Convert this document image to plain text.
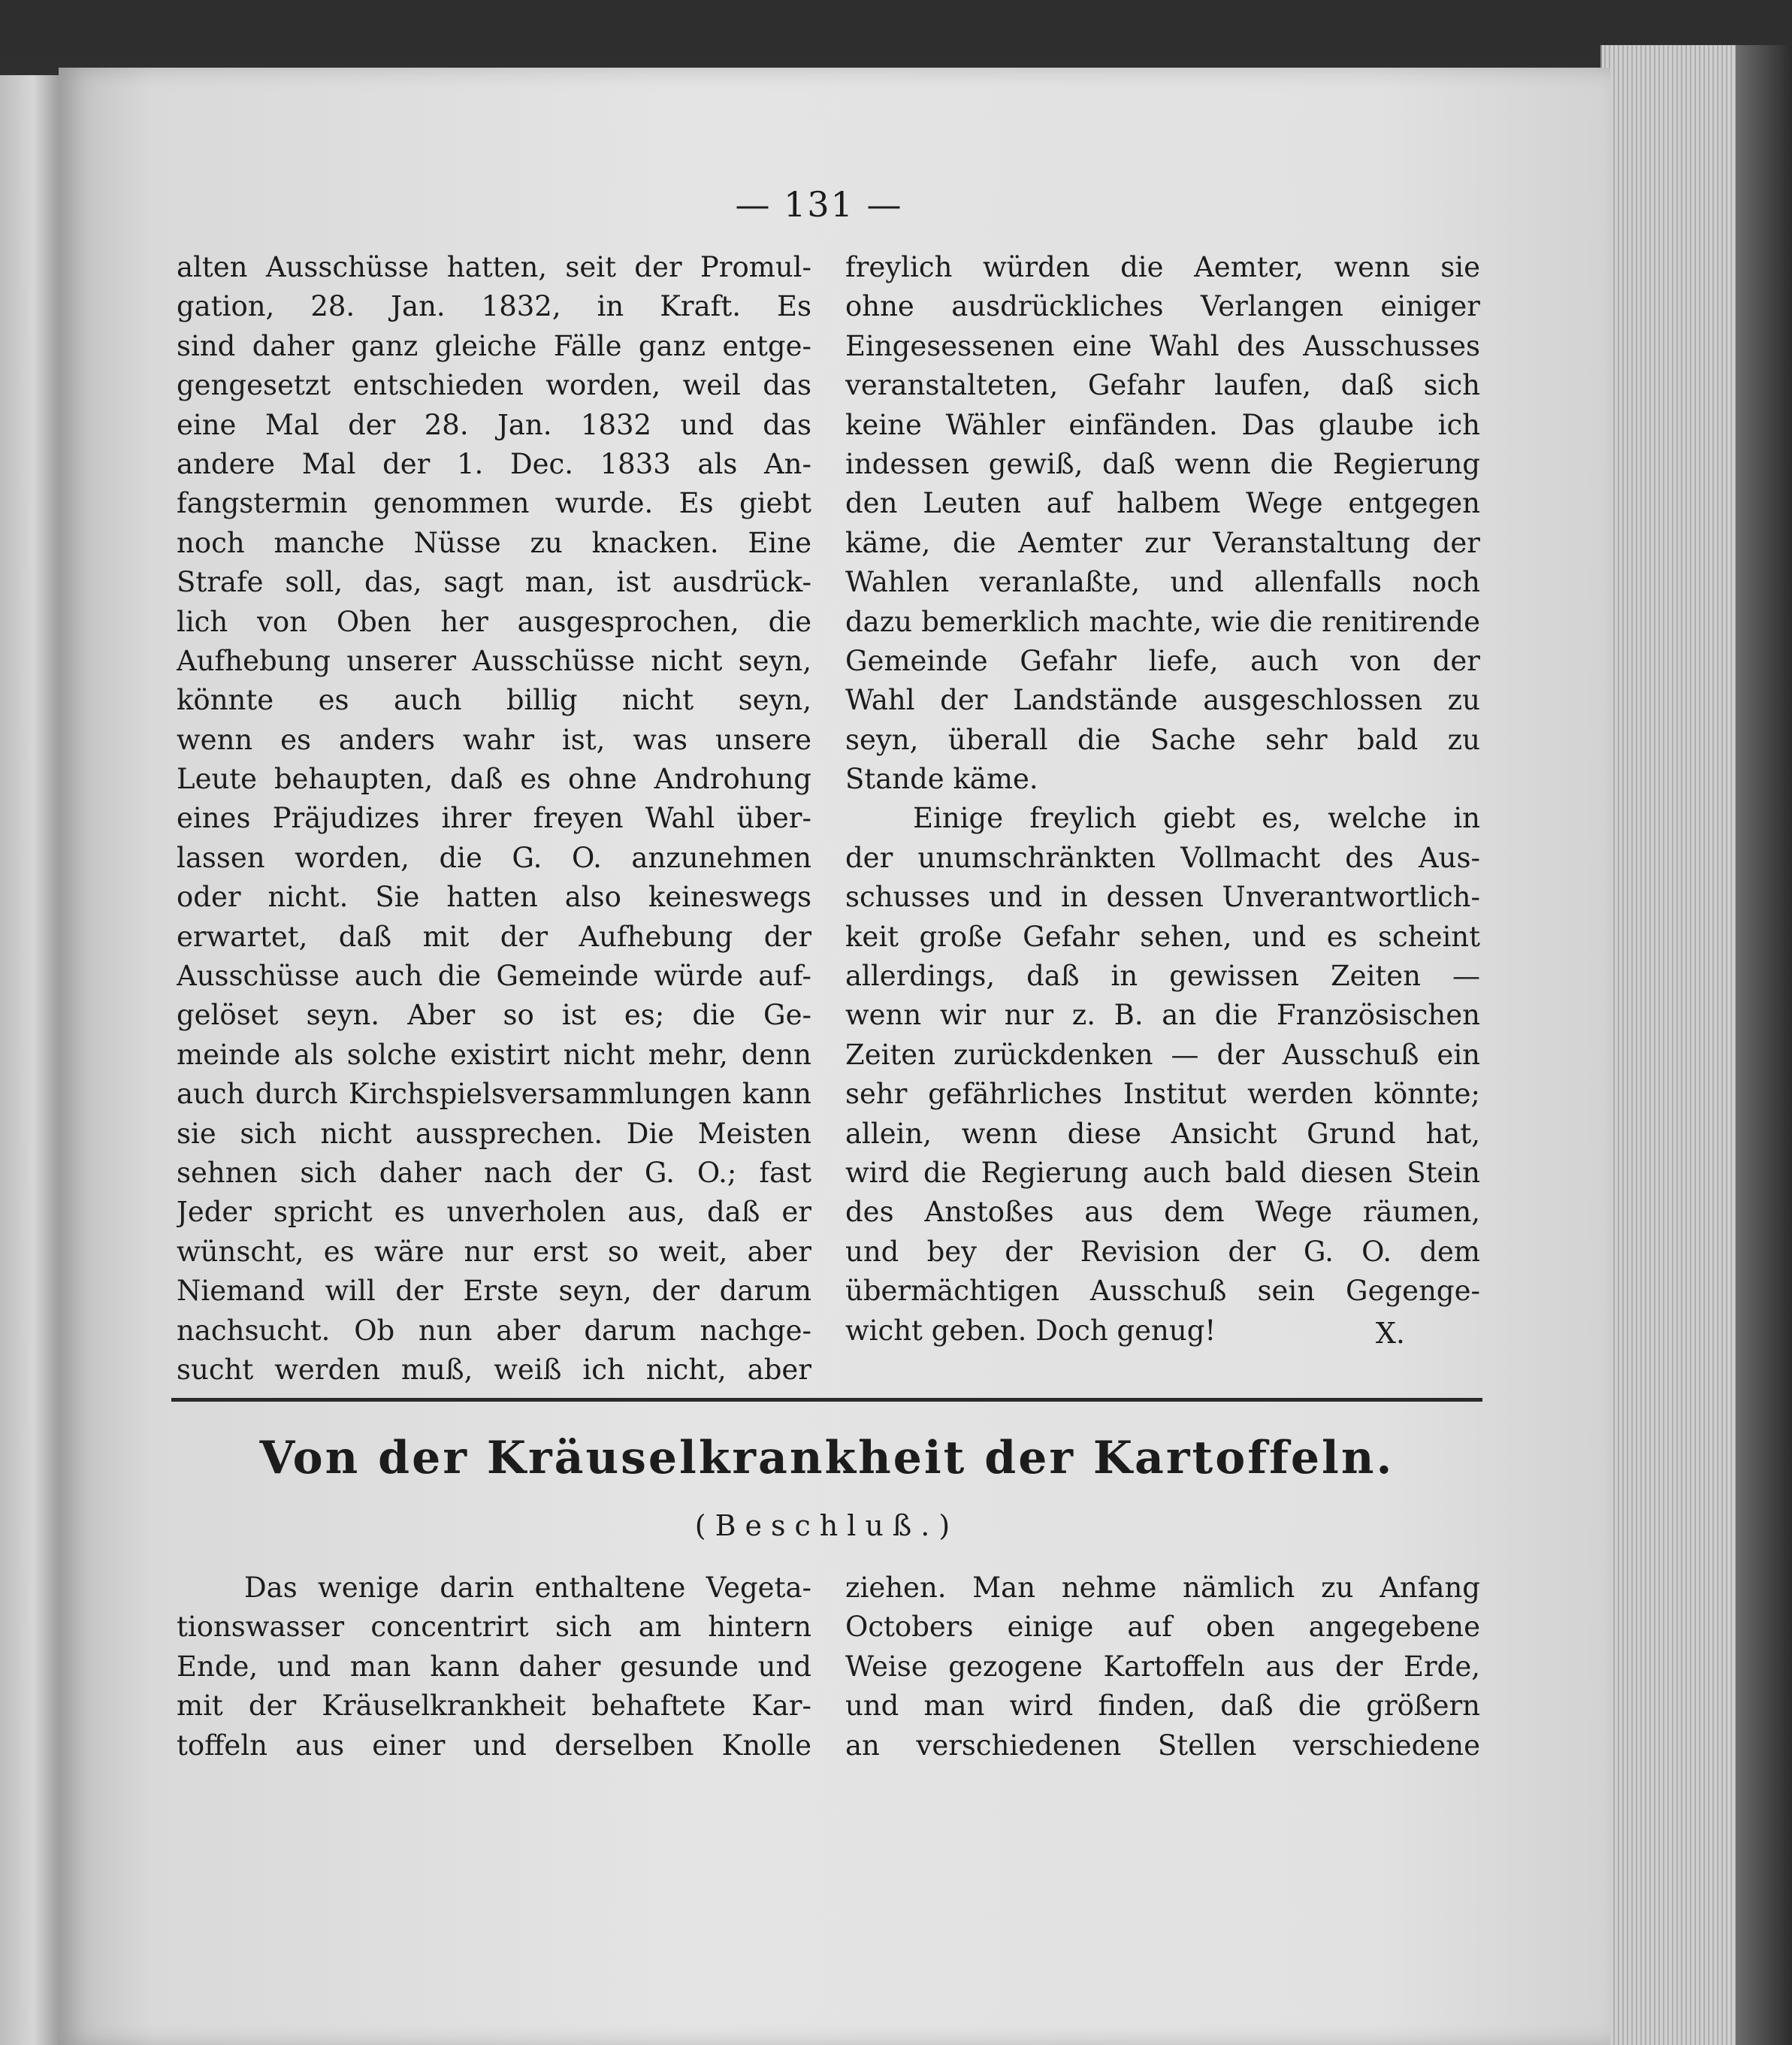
— 131 —
alten Ausschüsse hatten, seit der Promul-
gation, 28. Jan. 1832, in Kraft. Es
sind daher ganz gleiche Fälle ganz entge-
gengesetzt entschieden worden, weil das
eine Mal der 28. Jan. 1832 und das
andere Mal der 1. Dec. 1833 als An-
fangstermin genommen wurde. Es giebt
noch manche Nüsse zu knacken. Eine
Strafe soll, das, sagt man, ist ausdrück-
lich von Oben her ausgesprochen, die
Aufhebung unserer Ausschüsse nicht seyn,
könnte es auch billig nicht seyn,
wenn es anders wahr ist, was unsere
Leute behaupten, daß es ohne Androhung
eines Präjudizes ihrer freyen Wahl über-
lassen worden, die G. O. anzunehmen
oder nicht. Sie hatten also keineswegs
erwartet, daß mit der Aufhebung der
Ausschüsse auch die Gemeinde würde auf-
gelöset seyn. Aber so ist es; die Ge-
meinde als solche existirt nicht mehr, denn
auch durch Kirchspielsversammlungen kann
sie sich nicht aussprechen. Die Meisten
sehnen sich daher nach der G. O.; fast
Jeder spricht es unverholen aus, daß er
wünscht, es wäre nur erst so weit, aber
Niemand will der Erste seyn, der darum
nachsucht. Ob nun aber darum nachge-
sucht werden muß, weiß ich nicht, aber
freylich würden die Aemter, wenn sie
ohne ausdrückliches Verlangen einiger
Eingesessenen eine Wahl des Ausschusses
veranstalteten, Gefahr laufen, daß sich
keine Wähler einfänden. Das glaube ich
indessen gewiß, daß wenn die Regierung
den Leuten auf halbem Wege entgegen
käme, die Aemter zur Veranstaltung der
Wahlen veranlaßte, und allenfalls noch
dazu bemerklich machte, wie die renitirende
Gemeinde Gefahr liefe, auch von der
Wahl der Landstände ausgeschlossen zu
seyn, überall die Sache sehr bald zu
Stande käme.
Einige freylich giebt es, welche in
der unumschränkten Vollmacht des Aus-
schusses und in dessen Unverantwortlich-
keit große Gefahr sehen, und es scheint
allerdings, daß in gewissen Zeiten —
wenn wir nur z. B. an die Französischen
Zeiten zurückdenken — der Ausschuß ein
sehr gefährliches Institut werden könnte;
allein, wenn diese Ansicht Grund hat,
wird die Regierung auch bald diesen Stein
des Anstoßes aus dem Wege räumen,
und bey der Revision der G. O. dem
übermächtigen Ausschuß sein Gegenge-
wicht geben. Doch genug!	X.
Von der Kräuselkrankheit der Kartoffeln.
(Beschluß.)
Das wenige darin enthaltene Vegeta-
tionswasser concentrirt sich am hintern
Ende, und man kann daher gesunde und
mit der Kräuselkrankheit behaftete Kar-
toffeln aus einer und derselben Knolle
ziehen. Man nehme nämlich zu Anfang
Octobers einige auf oben angegebene
Weise gezogene Kartoffeln aus der Erde,
und man wird finden, daß die größern
an verschiedenen Stellen verschiedene
